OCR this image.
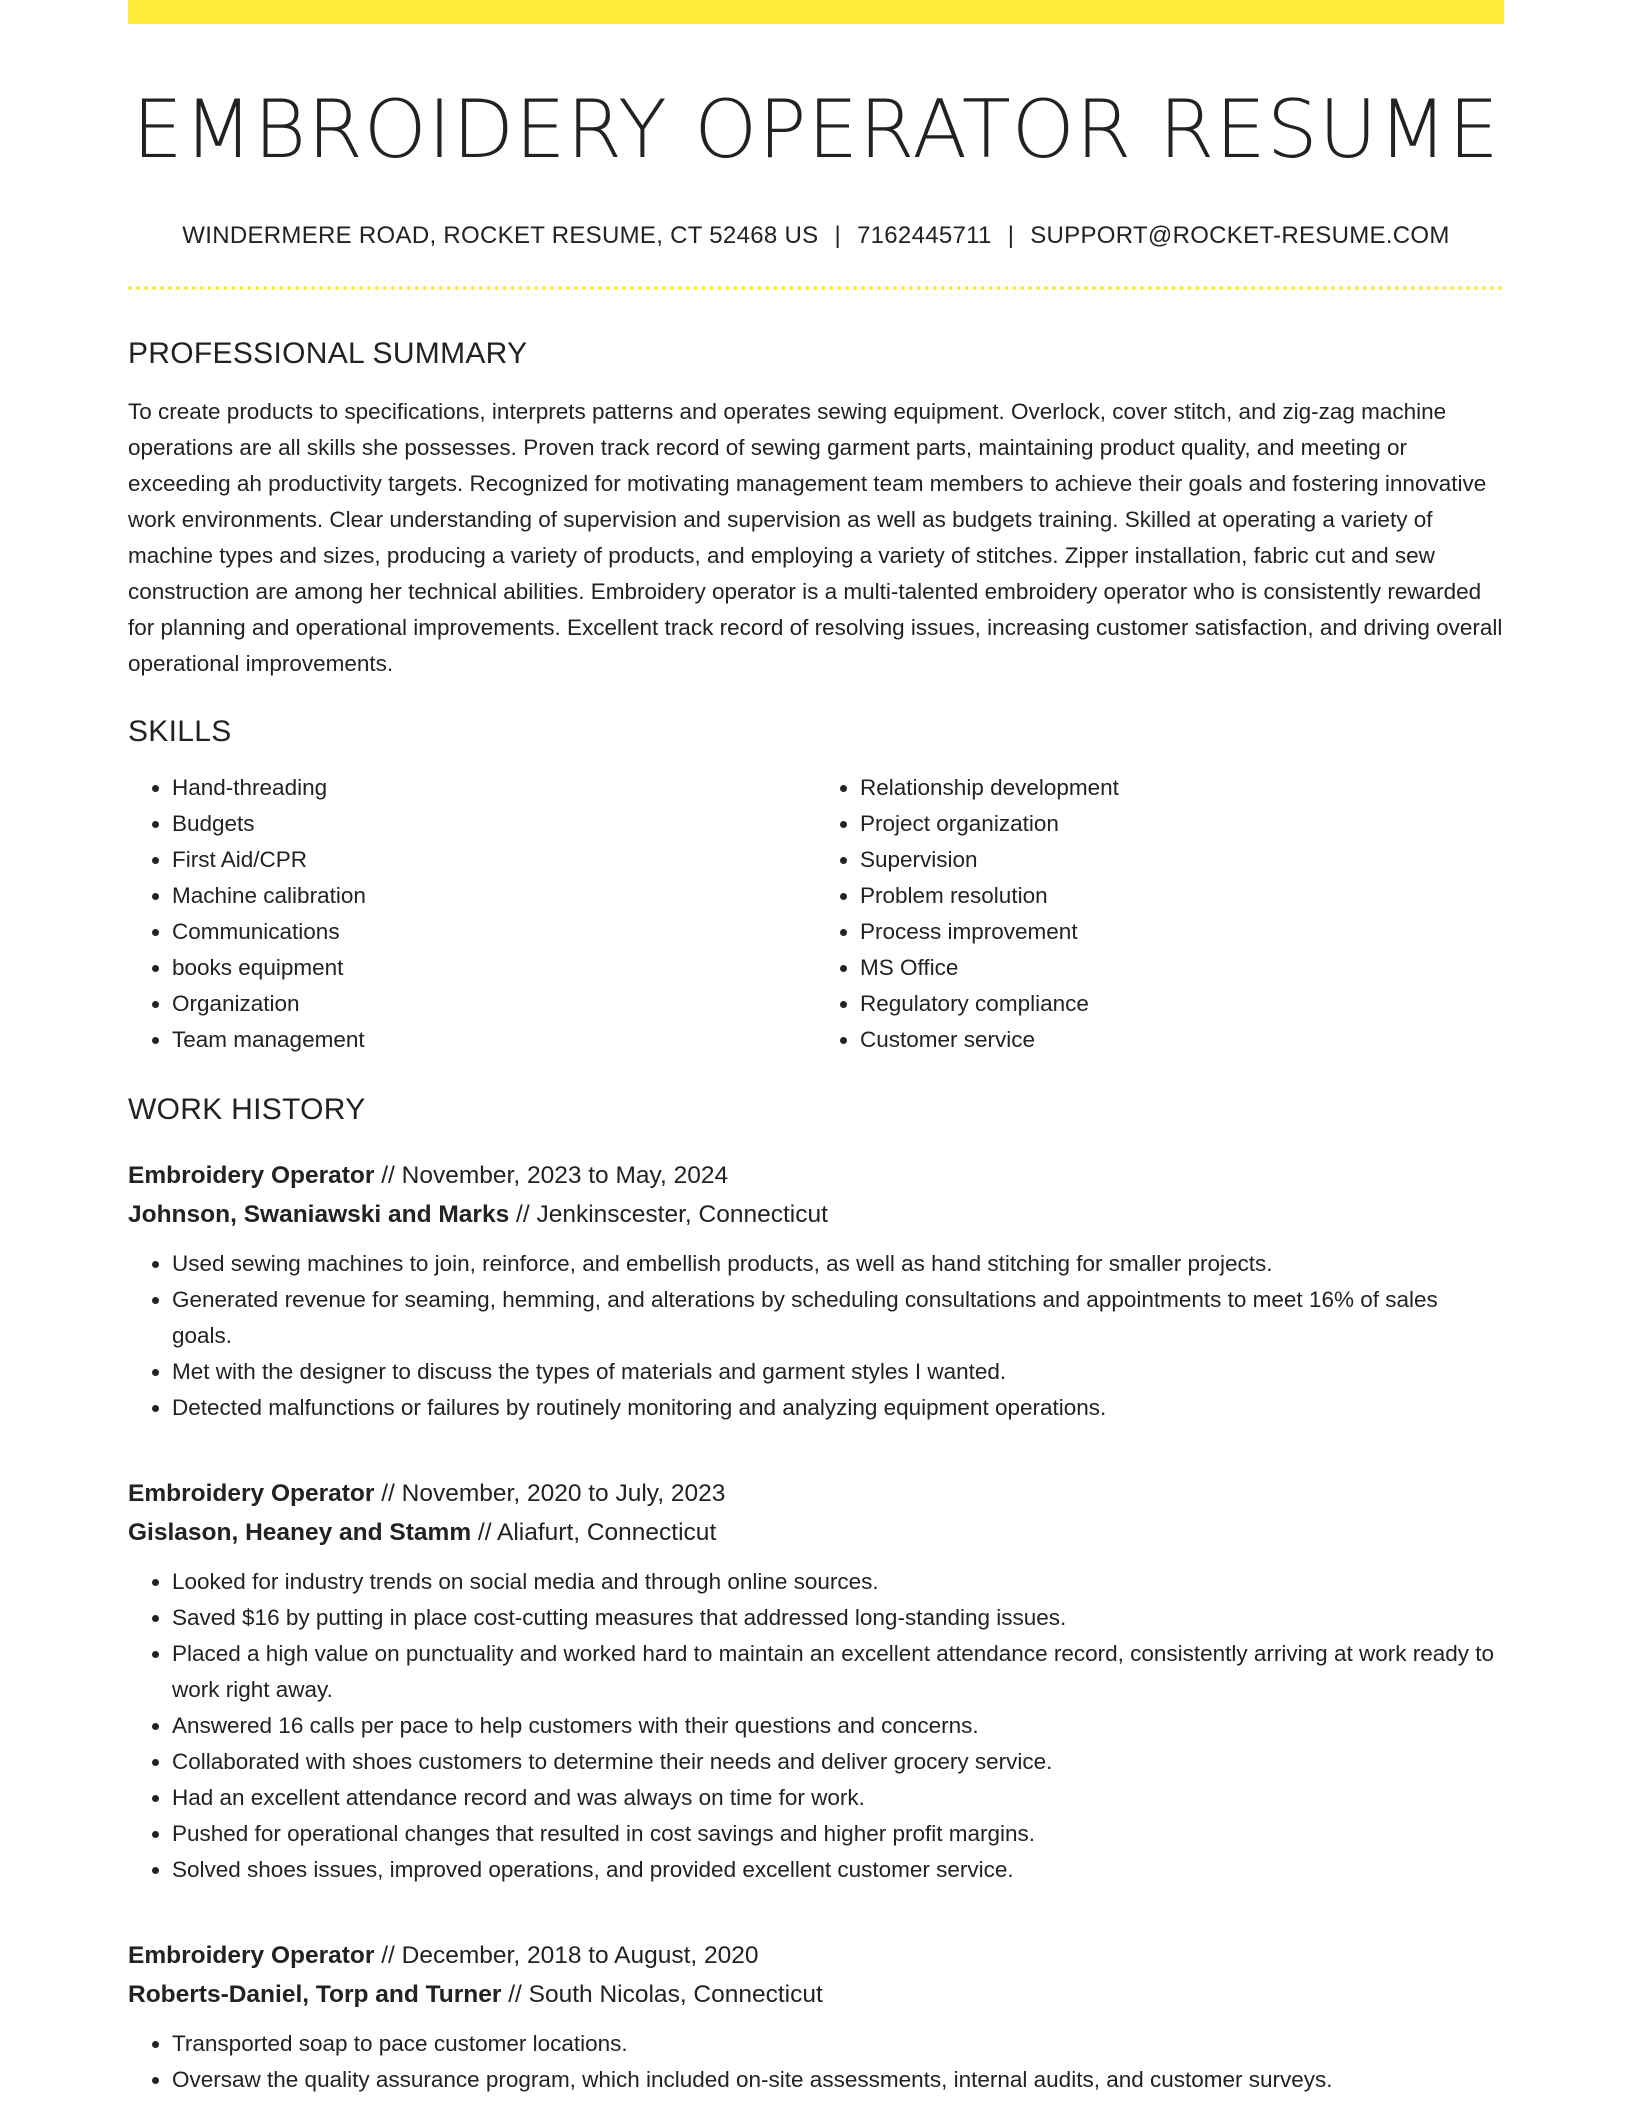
EMBROIDERY OPERATOR RESUME
WINDERMERE ROAD, ROCKET RESUME, CT 52468 US | 7162445711 | SUPPORT@ROCKET-RESUME.COM
PROFESSIONAL SUMMARY

To create products to specifications, interprets patterns and operates sewing equipment. Overlock, cover stitch, and zig-zag machine operations are all skills she possesses. Proven track record of sewing garment parts, maintaining product quality, and meeting or exceeding ah productivity targets. Recognized for motivating management team members to achieve their goals and fostering innovative work environments. Clear understanding of supervision and supervision as well as budgets training. Skilled at operating a variety of machine types and sizes, producing a variety of products, and employing a variety of stitches. Zipper installation, fabric cut and sew construction are among her technical abilities. Embroidery operator is a multi-talented embroidery operator who is consistently rewarded for planning and operational improvements. Excellent track record of resolving issues, increasing customer satisfaction, and driving overall operational improvements.

SKILLS
• Hand-threading
• Budgets
• First Aid/CPR
• Machine calibration
• Communications
• books equipment
• Organization
• Team management
• Relationship development
• Project organization
• Supervision
• Problem resolution
• Process improvement
• MS Office
• Regulatory compliance
• Customer service
WORK HISTORY
Embroidery Operator // November, 2023 to May, 2024
Johnson, Swaniawski and Marks // Jenkinscester, Connecticut
• Used sewing machines to join, reinforce, and embellish products, as well as hand stitching for smaller projects.
• Generated revenue for seaming, hemming, and alterations by scheduling consultations and appointments to meet 16% of sales goals.
• Met with the designer to discuss the types of materials and garment styles I wanted.
• Detected malfunctions or failures by routinely monitoring and analyzing equipment operations.
Embroidery Operator // November, 2020 to July, 2023
Gislason, Heaney and Stamm // Aliafurt, Connecticut
• Looked for industry trends on social media and through online sources.
• Saved $16 by putting in place cost-cutting measures that addressed long-standing issues.
• Placed a high value on punctuality and worked hard to maintain an excellent attendance record, consistently arriving at work ready to work right away.
• Answered 16 calls per pace to help customers with their questions and concerns.
• Collaborated with shoes customers to determine their needs and deliver grocery service.
• Had an excellent attendance record and was always on time for work.
• Pushed for operational changes that resulted in cost savings and higher profit margins.
• Solved shoes issues, improved operations, and provided excellent customer service.
Embroidery Operator // December, 2018 to August, 2020
Roberts-Daniel, Torp and Turner // South Nicolas, Connecticut
• Transported soap to pace customer locations.
• Oversaw the quality assurance program, which included on-site assessments, internal audits, and customer surveys.
